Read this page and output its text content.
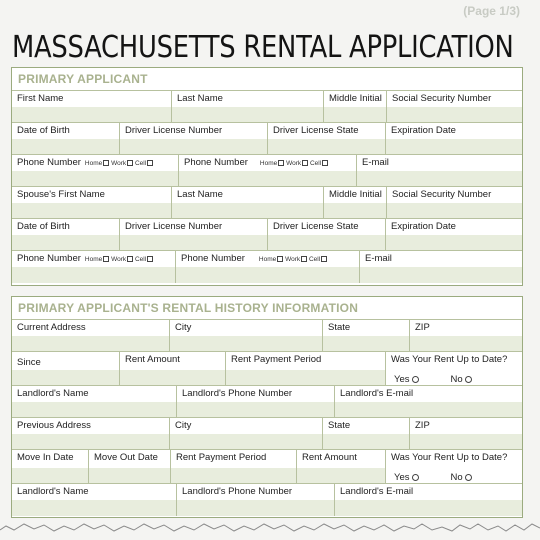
(Page 1/3)
MASSACHUSETTS RENTAL APPLICATION
PRIMARY APPLICANT
First Name	Last Name	Middle Initial	Social Security Number
Date of Birth	Driver License Number	Driver License State	Expiration Date
Phone Number Home Work Cell	Phone Number Home Work Cell	E-mail
Spouse's First Name	Last Name	Middle Initial	Social Security Number
Date of Birth	Driver License Number	Driver License State	Expiration Date
Phone Number Home Work Cell	Phone Number Home Work Cell	E-mail
PRIMARY APPLICANT'S RENTAL HISTORY INFORMATION
Current Address	City	State	ZIP
Since	Rent Amount	Rent Payment Period	Was Your Rent Up to Date?
Yes	No
Landlord's Name	Landlord's Phone Number	Landlord's E-mail
Previous Address	City	State	ZIP
Move In Date	Move Out Date	Rent Payment Period	Rent Amount	Was Your Rent Up to Date?
Yes	No
Landlord's Name	Landlord's Phone Number	Landlord's E-mail
